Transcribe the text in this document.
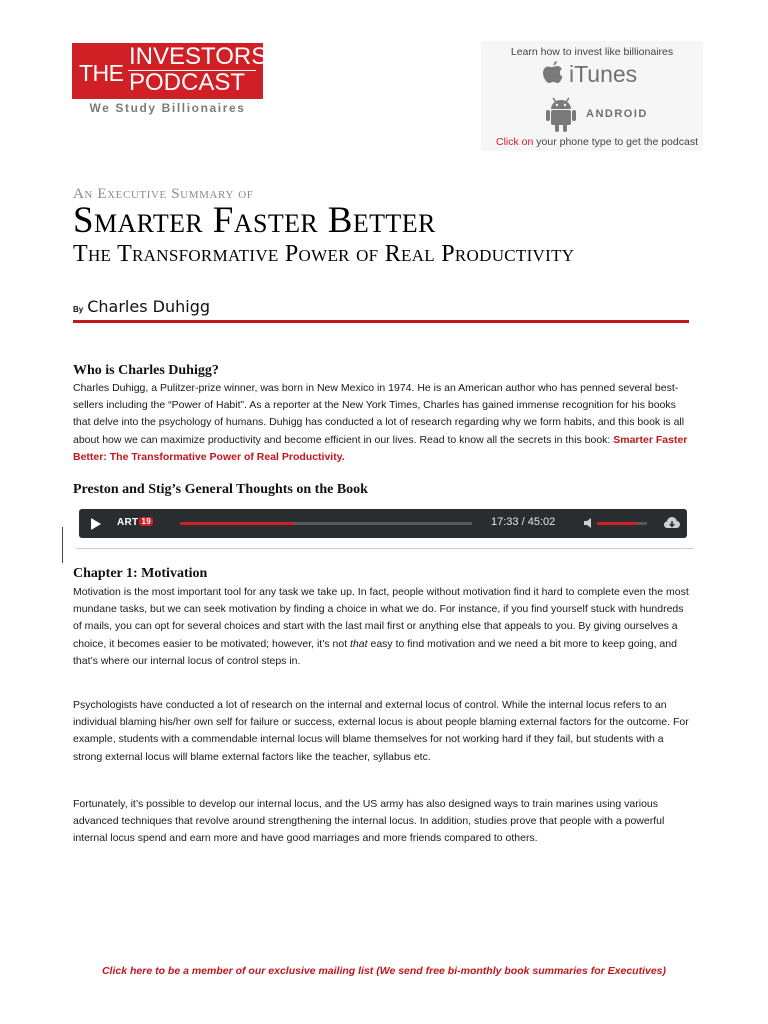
THE
INVESTORS
PODCAST
We Study Billionaires
Learn how to invest like billionaires
iTunes
ANDROID
Click on your phone type to get the podcast
An Executive Summary of
Smarter Faster Better
The Transformative Power of Real Productivity
By Charles Duhigg
Who is Charles Duhigg?
Charles Duhigg, a Pulitzer-prize winner, was born in New Mexico in 1974. He is an American author who has penned several best-sellers including the “Power of Habit”. As a reporter at the New York Times, Charles has gained immense recognition for his books that delve into the psychology of humans. Duhigg has conducted a lot of research regarding why we form habits, and this book is all about how we can maximize productivity and become efficient in our lives. Read to know all the secrets in this book: Smarter Faster Better: The Transformative Power of Real Productivity.
Preston and Stig’s General Thoughts on the Book
ART 19	17:33 / 45:02
Chapter 1: Motivation
Motivation is the most important tool for any task we take up. In fact, people without motivation find it hard to complete even the most mundane tasks, but we can seek motivation by finding a choice in what we do. For instance, if you find yourself stuck with hundreds of mails, you can opt for several choices and start with the last mail first or anything else that appeals to you. By giving ourselves a choice, it becomes easier to be motivated; however, it’s not that easy to find motivation and we need a bit more to keep going, and that’s where our internal locus of control steps in.
Psychologists have conducted a lot of research on the internal and external locus of control. While the internal locus refers to an individual blaming his/her own self for failure or success, external locus is about people blaming external factors for the outcome. For example, students with a commendable internal locus will blame themselves for not working hard if they fail, but students with a strong external locus will blame external factors like the teacher, syllabus etc.
Fortunately, it’s possible to develop our internal locus, and the US army has also designed ways to train marines using various advanced techniques that revolve around strengthening the internal locus. In addition, studies prove that people with a powerful internal locus spend and earn more and have good marriages and more friends compared to others.
Click here to be a member of our exclusive mailing list (We send free bi-monthly book summaries for Executives)
